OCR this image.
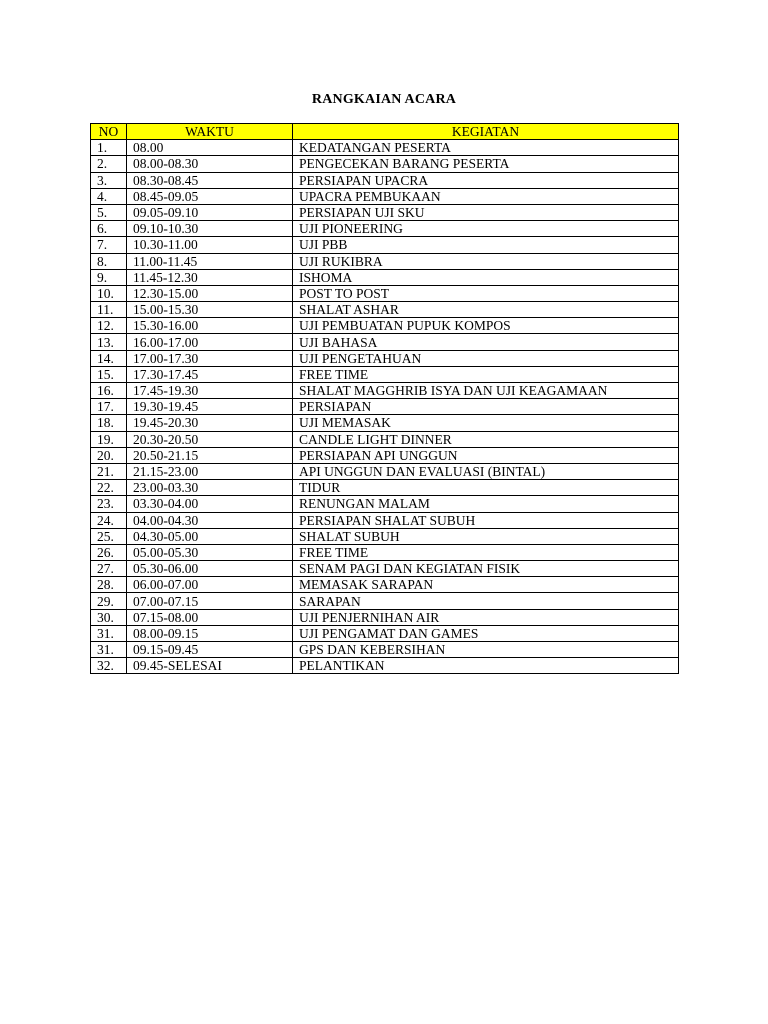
RANGKAIAN ACARA
NO	WAKTU	KEGIATAN
1.	08.00	KEDATANGAN PESERTA
2.	08.00-08.30	PENGECEKAN BARANG PESERTA
3.	08.30-08.45	PERSIAPAN UPACRA
4.	08.45-09.05	UPACRA PEMBUKAAN
5.	09.05-09.10	PERSIAPAN UJI SKU
6.	09.10-10.30	UJI PIONEERING
7.	10.30-11.00	UJI PBB
8.	11.00-11.45	UJI RUKIBRA
9.	11.45-12.30	ISHOMA
10.	12.30-15.00	POST TO POST
11.	15.00-15.30	SHALAT ASHAR
12.	15.30-16.00	UJI PEMBUATAN PUPUK KOMPOS
13.	16.00-17.00	UJI BAHASA
14.	17.00-17.30	UJI PENGETAHUAN
15.	17.30-17.45	FREE TIME
16.	17.45-19.30	SHALAT MAGGHRIB ISYA DAN UJI KEAGAMAAN
17.	19.30-19.45	PERSIAPAN
18.	19.45-20.30	UJI MEMASAK
19.	20.30-20.50	CANDLE LIGHT DINNER
20.	20.50-21.15	PERSIAPAN API UNGGUN
21.	21.15-23.00	API UNGGUN DAN EVALUASI (BINTAL)
22.	23.00-03.30	TIDUR
23.	03.30-04.00	RENUNGAN MALAM
24.	04.00-04.30	PERSIAPAN SHALAT SUBUH
25.	04.30-05.00	SHALAT SUBUH
26.	05.00-05.30	FREE TIME
27.	05.30-06.00	SENAM PAGI DAN KEGIATAN FISIK
28.	06.00-07.00	MEMASAK SARAPAN
29.	07.00-07.15	SARAPAN
30.	07.15-08.00	UJI PENJERNIHAN AIR
31.	08.00-09.15	UJI PENGAMAT DAN GAMES
31.	09.15-09.45	GPS DAN KEBERSIHAN
32.	09.45-SELESAI	PELANTIKAN
